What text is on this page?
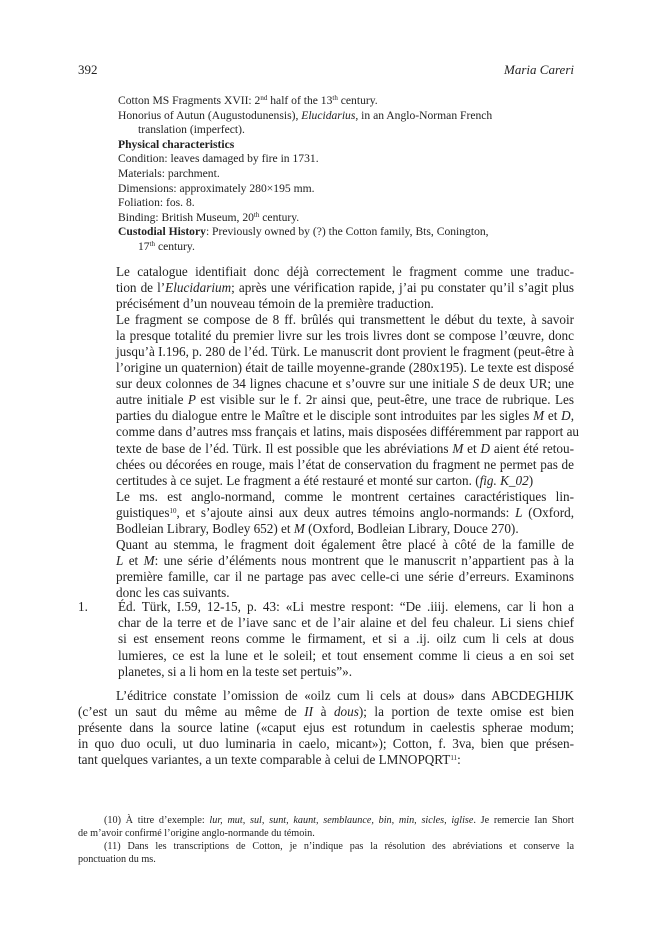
392	Maria Careri
Cotton MS Fragments XVII: 2nd half of the 13th century.
Honorius of Autun (Augustodunensis), Elucidarius, in an Anglo-Norman French
translation (imperfect).
Physical characteristics
Condition: leaves damaged by fire in 1731.
Materials: parchment.
Dimensions: approximately 280×195 mm.
Foliation: fos. 8.
Binding: British Museum, 20th century.
Custodial History: Previously owned by (?) the Cotton family, Bts, Conington,
17th century.

Le catalogue identifiait donc déjà correctement le fragment comme une traduc-
tion de l’Elucidarium; après une vérification rapide, j’ai pu constater qu’il s’agit plus
précisément d’un nouveau témoin de la première traduction.

Le fragment se compose de 8 ff. brûlés qui transmettent le début du texte, à savoir
la presque totalité du premier livre sur les trois livres dont se compose l’œuvre, donc
jusqu’à I.196, p. 280 de l’éd. Türk. Le manuscrit dont provient le fragment (peut-être à
l’origine un quaternion) était de taille moyenne-grande (280x195). Le texte est disposé
sur deux colonnes de 34 lignes chacune et s’ouvre sur une initiale S de deux UR; une
autre initiale P est visible sur le f. 2r ainsi que, peut-être, une trace de rubrique. Les
parties du dialogue entre le Maître et le disciple sont introduites par les sigles M et D,
comme dans d’autres mss français et latins, mais disposées différemment par rapport au
texte de base de l’éd. Türk. Il est possible que les abréviations M et D aient été retou-
chées ou décorées en rouge, mais l’état de conservation du fragment ne permet pas de
certitudes à ce sujet. Le fragment a été restauré et monté sur carton. (fig. K_02)

Le ms. est anglo-normand, comme le montrent certaines caractéristiques lin-
guistiques$^{10}$, et s’ajoute ainsi aux deux autres témoins anglo-normands: L (Oxford,
Bodleian Library, Bodley 652) et M (Oxford, Bodleian Library, Douce 270).

Quant au stemma, le fragment doit également être placé à côté de la famille de
L et M: une série d’éléments nous montrent que le manuscrit n’appartient pas à la
première famille, car il ne partage pas avec celle-ci une série d’erreurs. Examinons
donc les cas suivants.

1. Éd. Türk, I.59, 12-15, p. 43: «Li mestre respont: “De .iiij. elemens, car li hon a
char de la terre et de l’iave sanc et de l’air alaine et del feu chaleur. Li siens chief
si est ensement reons comme le firmament, et si a .ij. oilz cum li cels at dous
lumieres, ce est la lune et le soleil; et tout ensement comme li cieus a en soi set
planetes, si a li hom en la teste set pertuis”».
L’éditrice constate l’omission de «oilz cum li cels at dous» dans ABCDEGHIJK
(c’est un saut du même au même de II à dous); la portion de texte omise est bien
présente dans la source latine («caput ejus est rotundum in caelestis spherae modum;
in quo duo oculi, ut duo luminaria in caelo, micant»); Cotton, f. 3va, bien que présen-
tant quelques variantes, a un texte comparable à celui de LMNOPQRT$^{11}$:
(10) À titre d’exemple: lur, mut, sul, sunt, kaunt, semblaunce, bin, min, sicles, iglise. Je remercie Ian Short
de m’avoir confirmé l’origine anglo-normande du témoin.
(11) Dans les transcriptions de Cotton, je n’indique pas la résolution des abréviations et conserve la
ponctuation du ms.
